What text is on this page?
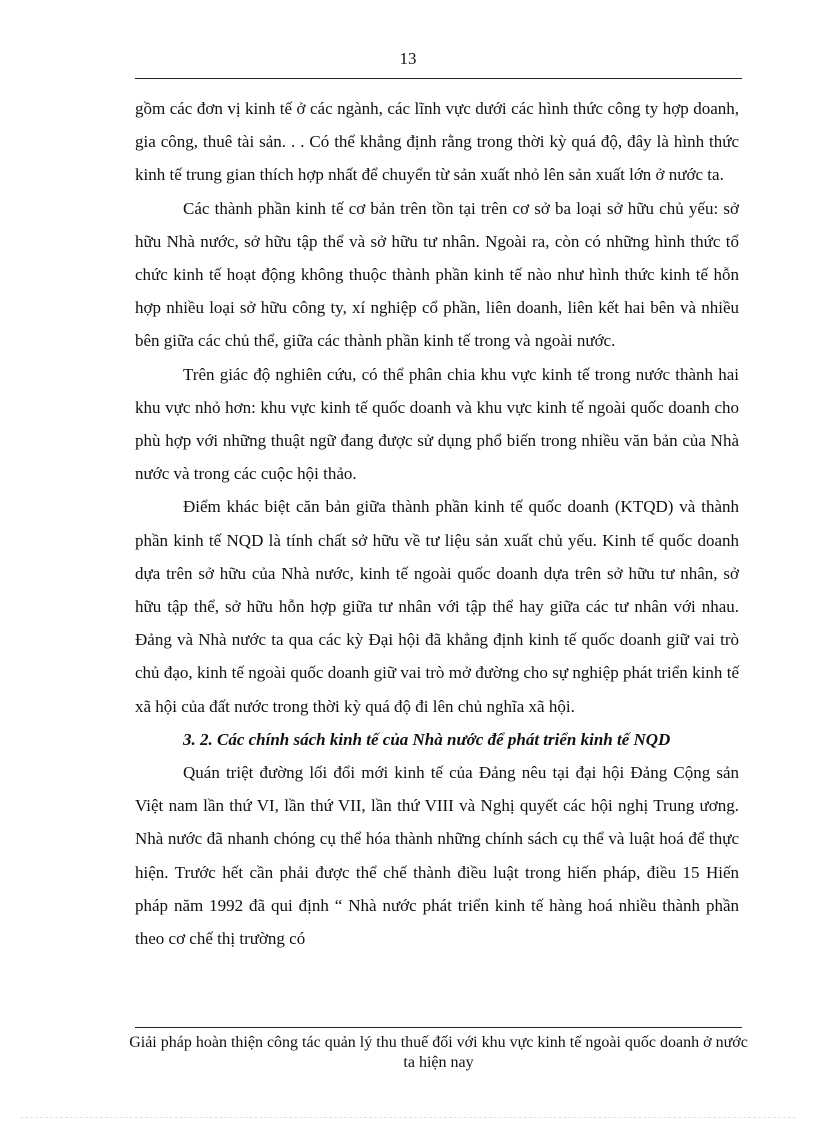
13

gồm các đơn vị kinh tế ở các ngành, các lĩnh vực dưới các hình thức công ty hợp doanh, gia công, thuê tài sản. . . Có thể khẳng định rằng trong thời kỳ quá độ, đây là hình thức kinh tế trung gian thích hợp nhất để chuyển từ sản xuất nhỏ lên sản xuất lớn ở nước ta.

Các thành phần kinh tế cơ bản trên tồn tại trên cơ sở ba loại sở hữu chủ yếu: sở hữu Nhà nước, sở hữu tập thể và sở hữu tư nhân. Ngoài ra, còn có những hình thức tổ chức kinh tế hoạt động không thuộc thành phần kinh tế nào như hình thức kinh tế hỗn hợp nhiều loại sở hữu công ty, xí nghiệp cổ phần, liên doanh, liên kết hai bên và nhiều bên giữa các chủ thể, giữa các thành phần kinh tế trong và ngoài nước.

Trên giác độ nghiên cứu, có thể phân chia khu vực kinh tế trong nước thành hai khu vực nhỏ hơn: khu vực kinh tế quốc doanh và khu vực kinh tế ngoài quốc doanh cho phù hợp với những thuật ngữ đang được sử dụng phổ biến trong nhiều văn bản của Nhà nước và trong các cuộc hội thảo.

Điểm khác biệt căn bản giữa thành phần kinh tế quốc doanh (KTQD) và thành phần kinh tế NQD là tính chất sở hữu về tư liệu sản xuất chủ yếu. Kinh tế quốc doanh dựa trên sở hữu của Nhà nước, kinh tế ngoài quốc doanh dựa trên sở hữu tư nhân, sở hữu tập thể, sở hữu hỗn hợp giữa tư nhân với tập thể hay giữa các tư nhân với nhau. Đảng và Nhà nước ta qua các kỳ Đại hội đã khẳng định kinh tế quốc doanh giữ vai trò chủ đạo, kinh tế ngoài quốc doanh giữ vai trò mở đường cho sự nghiệp phát triển kinh tế xã hội của đất nước trong thời kỳ quá độ đi lên chủ nghĩa xã hội.

3. 2. Các chính sách kinh tế của Nhà nước để phát triển kinh tế NQD

Quán triệt đường lối đổi mới kinh tế của Đảng nêu tại đại hội Đảng Cộng sản Việt nam lần thứ VI, lần thứ VII, lần thứ VIII và Nghị quyết các hội nghị Trung ương. Nhà nước đã nhanh chóng cụ thể hóa thành những chính sách cụ thể và luật hoá để thực hiện. Trước hết cần phải được thể chế thành điều luật trong hiến pháp, điều 15 Hiến pháp năm 1992 đã qui định “ Nhà nước phát triển kinh tế hàng hoá nhiều thành phần theo cơ chế thị trường có

Giải pháp hoàn thiện công tác quản lý thu thuế đối với khu vực kinh tế ngoài quốc doanh ở nước ta hiện nay
